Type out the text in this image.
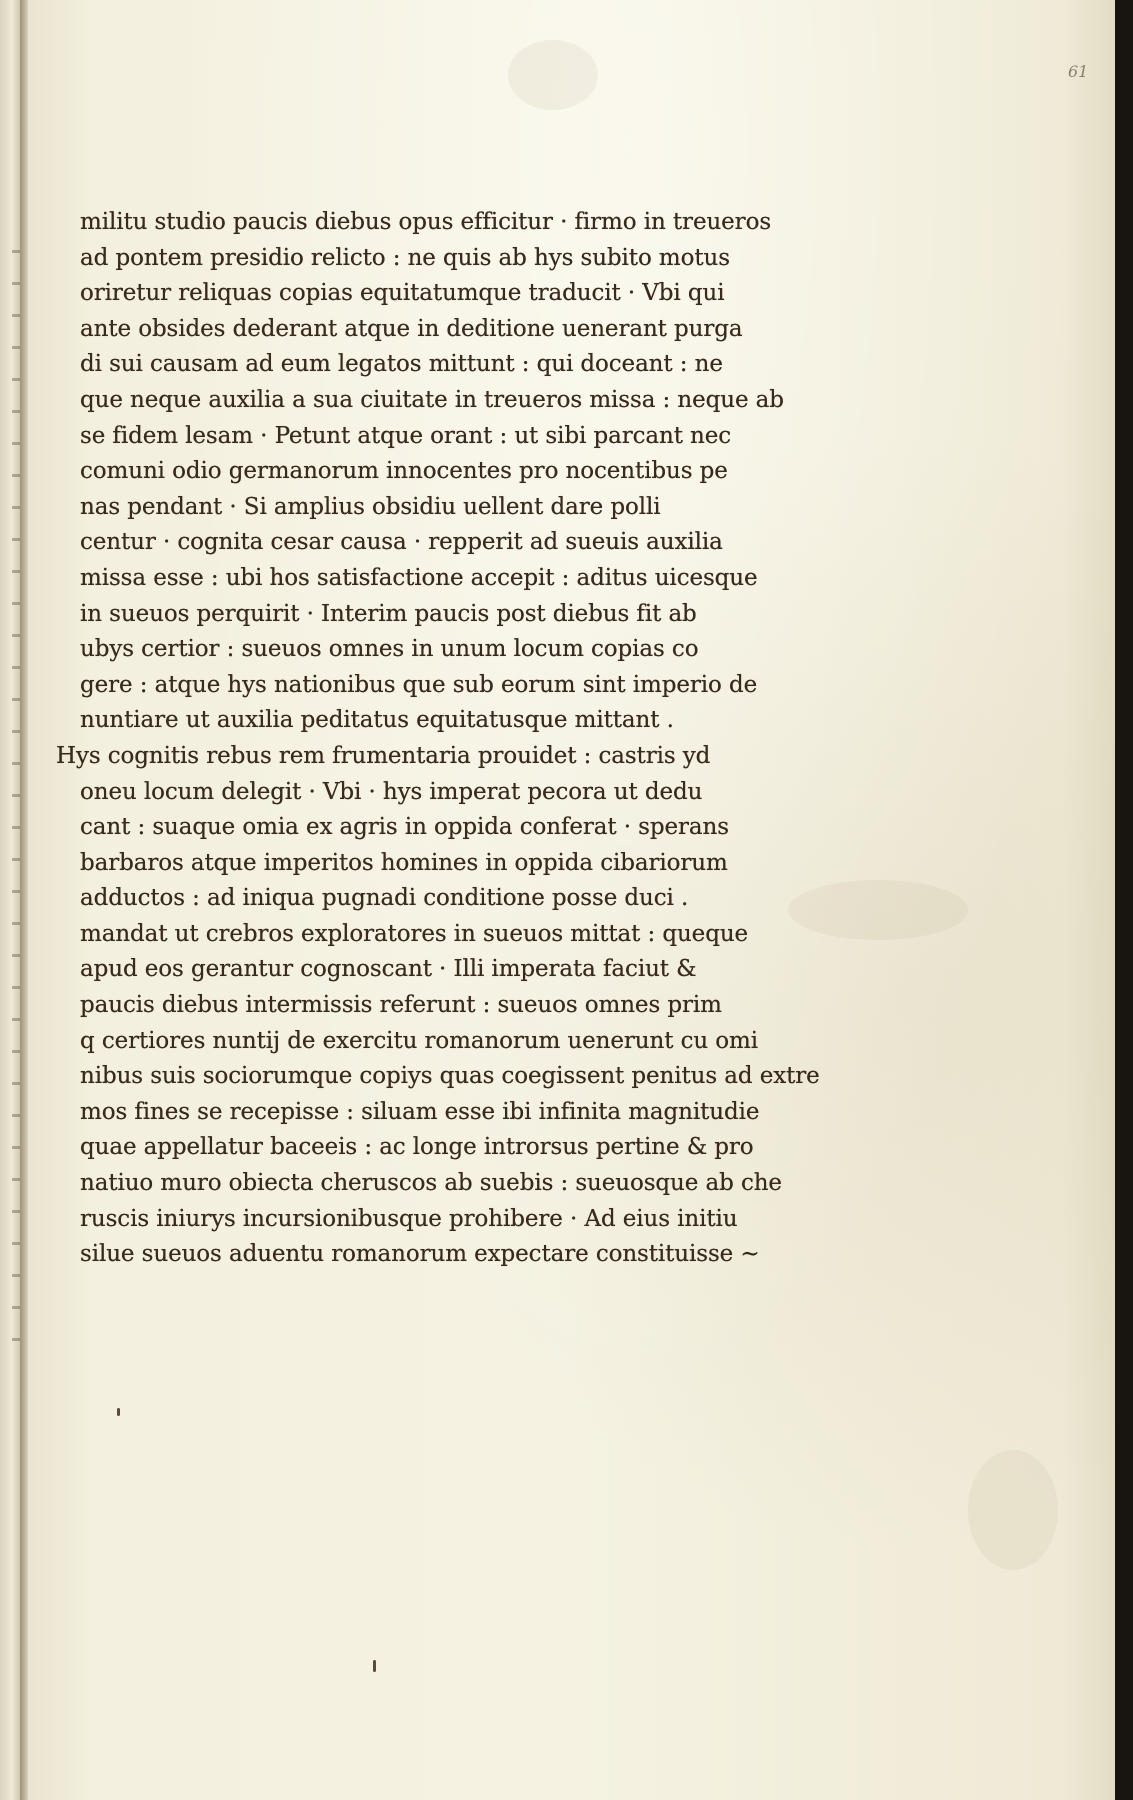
61
militu studio paucis diebus opus efficitur · firmo in treueros
ad pontem presidio relicto : ne quis ab hys subito motus
oriretur reliquas copias equitatumque traducit · Vbi qui
ante obsides dederant atque in deditione uenerant purga
di sui causam ad eum legatos mittunt : qui doceant : ne
que neque auxilia a sua ciuitate in treueros missa : neque ab
se fidem lesam · Petunt atque orant : ut sibi parcant nec
comuni odio germanorum innocentes pro nocentibus pe
nas pendant · Si amplius obsidiu uellent dare polli
centur · cognita cesar causa · repperit ad sueuis auxilia
missa esse : ubi hos satisfactione accepit : aditus uicesque
in sueuos perquirit · Interim paucis post diebus fit ab
ubys certior : sueuos omnes in unum locum copias co
gere : atque hys nationibus que sub eorum sint imperio de
nuntiare ut auxilia peditatus equitatusque mittant .
Hys cognitis rebus rem frumentaria prouidet : castris yd
oneu locum delegit · Vbi · hys imperat pecora ut dedu
cant : suaque omia ex agris in oppida conferat · sperans
barbaros atque imperitos homines in oppida cibariorum
adductos : ad iniqua pugnadi conditione posse duci .
mandat ut crebros exploratores in sueuos mittat : queque
apud eos gerantur cognoscant · Illi imperata faciut &
paucis diebus intermissis referunt : sueuos omnes prim
q certiores nuntij de exercitu romanorum uenerunt cu omi
nibus suis sociorumque copiys quas coegissent penitus ad extre
mos fines se recepisse : siluam esse ibi infinita magnitudie
quae appellatur baceeis : ac longe introrsus pertine & pro
natiuo muro obiecta cheruscos ab suebis : sueuosque ab che
ruscis iniurys incursionibusque prohibere · Ad eius initiu
silue sueuos aduentu romanorum expectare constituisse ~
